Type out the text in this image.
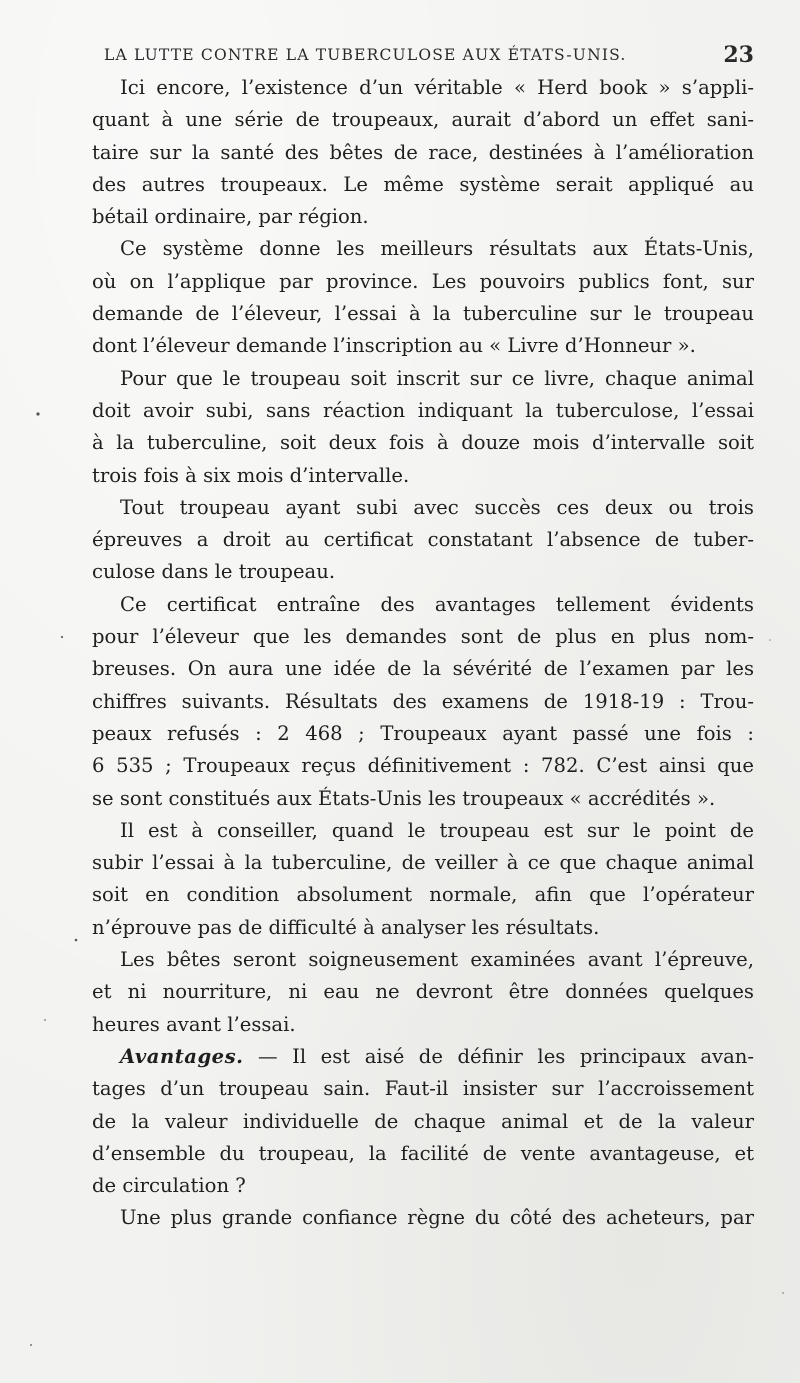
LA LUTTE CONTRE LA TUBERCULOSE AUX ÉTATS-UNIS.	23
Ici encore, l’existence d’un véritable « Herd book » s’appli-
quant à une série de troupeaux, aurait d’abord un effet sani-
taire sur la santé des bêtes de race, destinées à l’amélioration
des autres troupeaux. Le même système serait appliqué au
bétail ordinaire, par région.
Ce système donne les meilleurs résultats aux États-Unis,
où on l’applique par province. Les pouvoirs publics font, sur
demande de l’éleveur, l’essai à la tuberculine sur le troupeau
dont l’éleveur demande l’inscription au « Livre d’Honneur ».
Pour que le troupeau soit inscrit sur ce livre, chaque animal
doit avoir subi, sans réaction indiquant la tuberculose, l’essai
à la tuberculine, soit deux fois à douze mois d’intervalle soit
trois fois à six mois d’intervalle.
Tout troupeau ayant subi avec succès ces deux ou trois
épreuves a droit au certificat constatant l’absence de tuber-
culose dans le troupeau.
Ce certificat entraîne des avantages tellement évidents
pour l’éleveur que les demandes sont de plus en plus nom-
breuses. On aura une idée de la sévérité de l’examen par les
chiffres suivants. Résultats des examens de 1918-19 : Trou-
peaux refusés : 2 468 ; Troupeaux ayant passé une fois :
6 535 ; Troupeaux reçus définitivement : 782. C’est ainsi que
se sont constitués aux États-Unis les troupeaux « accrédités ».
Il est à conseiller, quand le troupeau est sur le point de
subir l’essai à la tuberculine, de veiller à ce que chaque animal
soit en condition absolument normale, afin que l’opérateur
n’éprouve pas de difficulté à analyser les résultats.
Les bêtes seront soigneusement examinées avant l’épreuve,
et ni nourriture, ni eau ne devront être données quelques
heures avant l’essai.
Avantages. — Il est aisé de définir les principaux avan-
tages d’un troupeau sain. Faut-il insister sur l’accroissement
de la valeur individuelle de chaque animal et de la valeur
d’ensemble du troupeau, la facilité de vente avantageuse, et
de circulation ?
Une plus grande confiance règne du côté des acheteurs, par
